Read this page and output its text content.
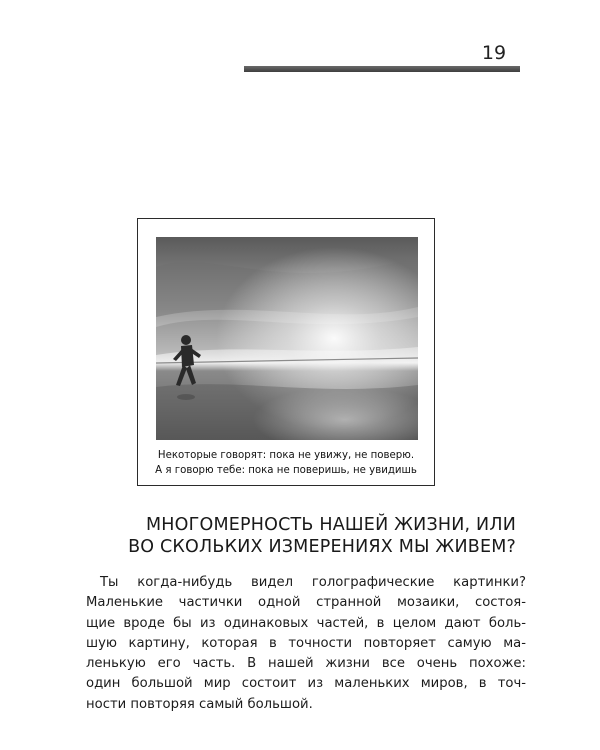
19
Некоторые говорят: пока не увижу, не поверю.
А я говорю тебе: пока не поверишь, не увидишь
МНОГОМЕРНОСТЬ НАШЕЙ ЖИЗНИ, ИЛИ
ВО СКОЛЬКИХ ИЗМЕРЕНИЯХ МЫ ЖИВЕМ?
Ты когда-нибудь видел голографические картинки?
Маленькие частички одной странной мозаики, состоя-
щие вроде бы из одинаковых частей, в целом дают боль-
шую картину, которая в точности повторяет самую ма-
ленькую его часть. В нашей жизни все очень похоже:
один большой мир состоит из маленьких миров, в точ-
ности повторяя самый большой.
